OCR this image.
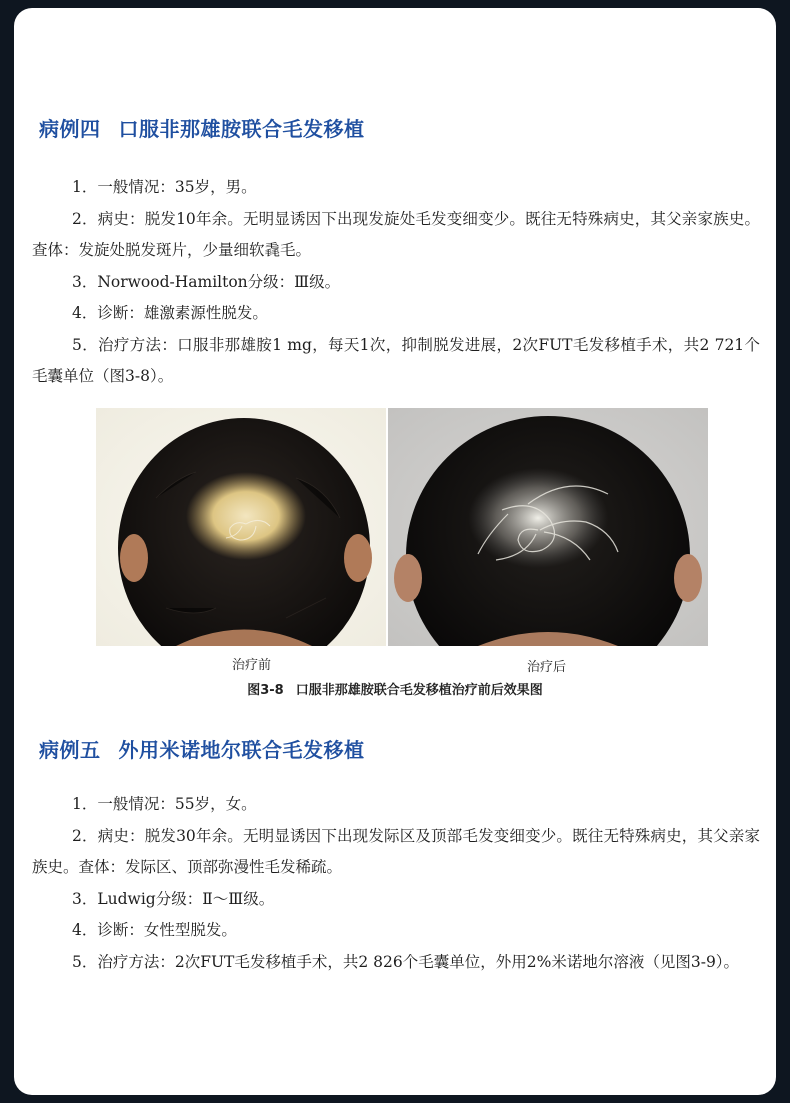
病例四 口服非那雄胺联合毛发移植

1．一般情况：35岁，男。

2．病史：脱发10年余。无明显诱因下出现发旋处毛发变细变少。既往无特殊病史，其父亲家族史。查体：发旋处脱发斑片，少量细软毳毛。

3．Norwood-Hamilton分级：Ⅲ级。

4．诊断：雄激素源性脱发。

5．治疗方法：口服非那雄胺1 mg，每天1次，抑制脱发进展，2次FUT毛发移植手术，共2 721个毛囊单位（图3-8）。

治疗前	治疗后
图3-8 口服非那雄胺联合毛发移植治疗前后效果图
病例五 外用米诺地尔联合毛发移植

1．一般情况：55岁，女。

2．病史：脱发30年余。无明显诱因下出现发际区及顶部毛发变细变少。既往无特殊病史，其父亲家族史。查体：发际区、顶部弥漫性毛发稀疏。

3．Ludwig分级：Ⅱ～Ⅲ级。

4．诊断：女性型脱发。

5．治疗方法：2次FUT毛发移植手术，共2 826个毛囊单位，外用2%米诺地尔溶液（见图3-9）。
